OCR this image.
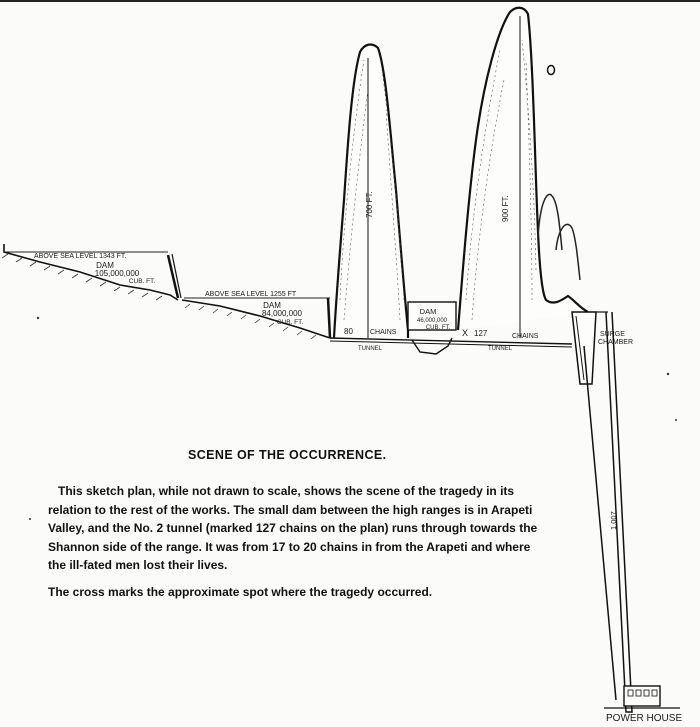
ABOVE SEA LEVEL 1343 FT.
DAM
105,000,000
CUB. FT.
ABOVE SEA LEVEL 1255 FT
DAM
84,000,000
CUB. FT.
700 FT.	900 FT.
DAM
46,000,000
CUB. FT.
80 CHAINS
TUNNEL
X 127	CHAINS
TUNNEL
SURGE
CHAMBER
1,007
POWER HOUSE
SCENE OF THE OCCURRENCE.

This sketch plan, while not drawn to scale, shows the scene of the tragedy in its relation to the rest of the works. The small dam between the high ranges is in Arapeti Valley, and the No. 2 tunnel (marked 127 chains on the plan) runs through towards the Shannon side of the range. It was from 17 to 20 chains in from the Arapeti and where the ill-fated men lost their lives.

The cross marks the approximate spot where the tragedy occurred.
